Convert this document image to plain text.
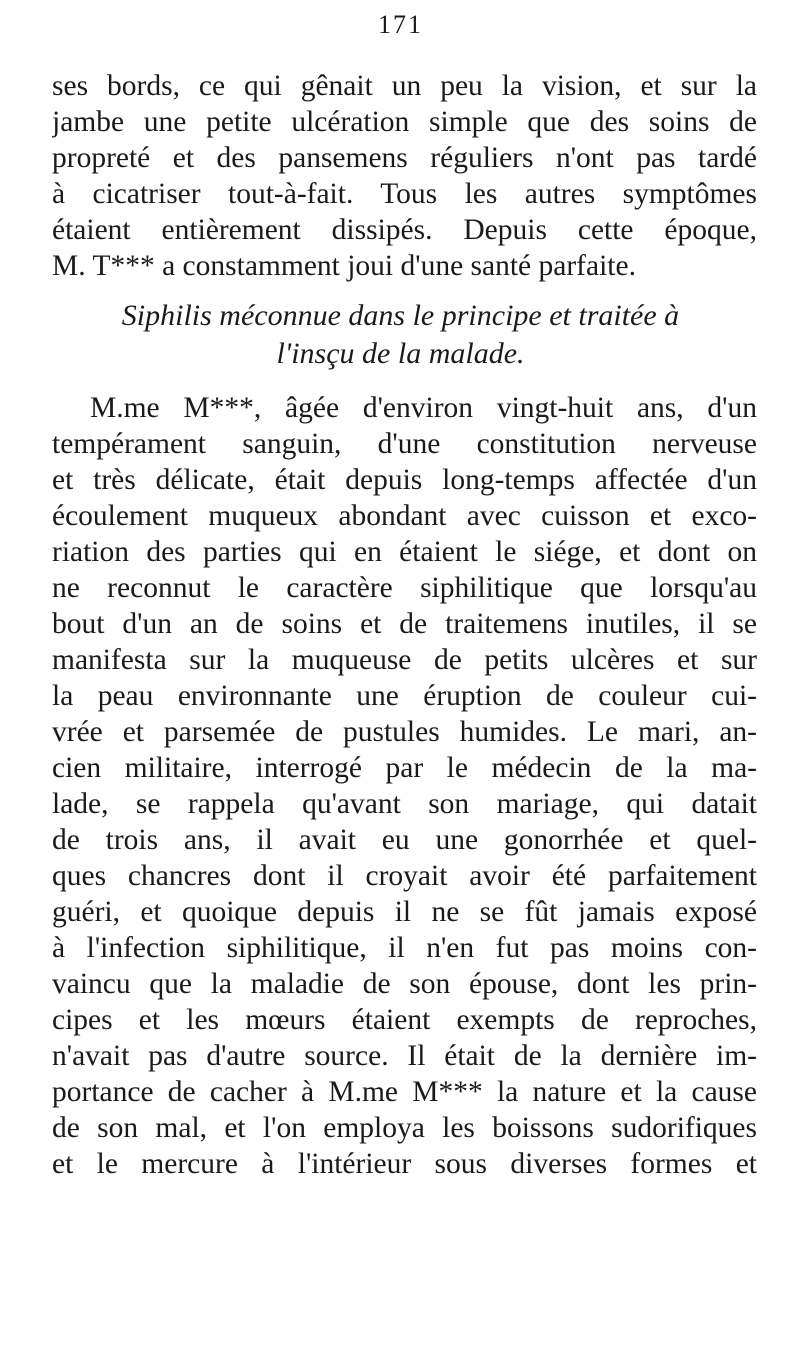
171
ses bords, ce qui gênait un peu la vision, et sur la
jambe une petite ulcération simple que des soins de
propreté et des pansemens réguliers n'ont pas tardé
à cicatriser tout-à-fait. Tous les autres symptômes
étaient entièrement dissipés. Depuis cette époque,
M. T*** a constamment joui d'une santé parfaite.
Siphilis méconnue dans le principe et traitée à
l'insçu de la malade.
M.me M***, âgée d'environ vingt-huit ans, d'un
tempérament sanguin, d'une constitution nerveuse
et très délicate, était depuis long-temps affectée d'un
écoulement muqueux abondant avec cuisson et exco-
riation des parties qui en étaient le siége, et dont on
ne reconnut le caractère siphilitique que lorsqu'au
bout d'un an de soins et de traitemens inutiles, il se
manifesta sur la muqueuse de petits ulcères et sur
la peau environnante une éruption de couleur cui-
vrée et parsemée de pustules humides. Le mari, an-
cien militaire, interrogé par le médecin de la ma-
lade, se rappela qu'avant son mariage, qui datait
de trois ans, il avait eu une gonorrhée et quel-
ques chancres dont il croyait avoir été parfaitement
guéri, et quoique depuis il ne se fût jamais exposé
à l'infection siphilitique, il n'en fut pas moins con-
vaincu que la maladie de son épouse, dont les prin-
cipes et les mœurs étaient exempts de reproches,
n'avait pas d'autre source. Il était de la dernière im-
portance de cacher à M.me M*** la nature et la cause
de son mal, et l'on employa les boissons sudorifiques
et le mercure à l'intérieur sous diverses formes et
